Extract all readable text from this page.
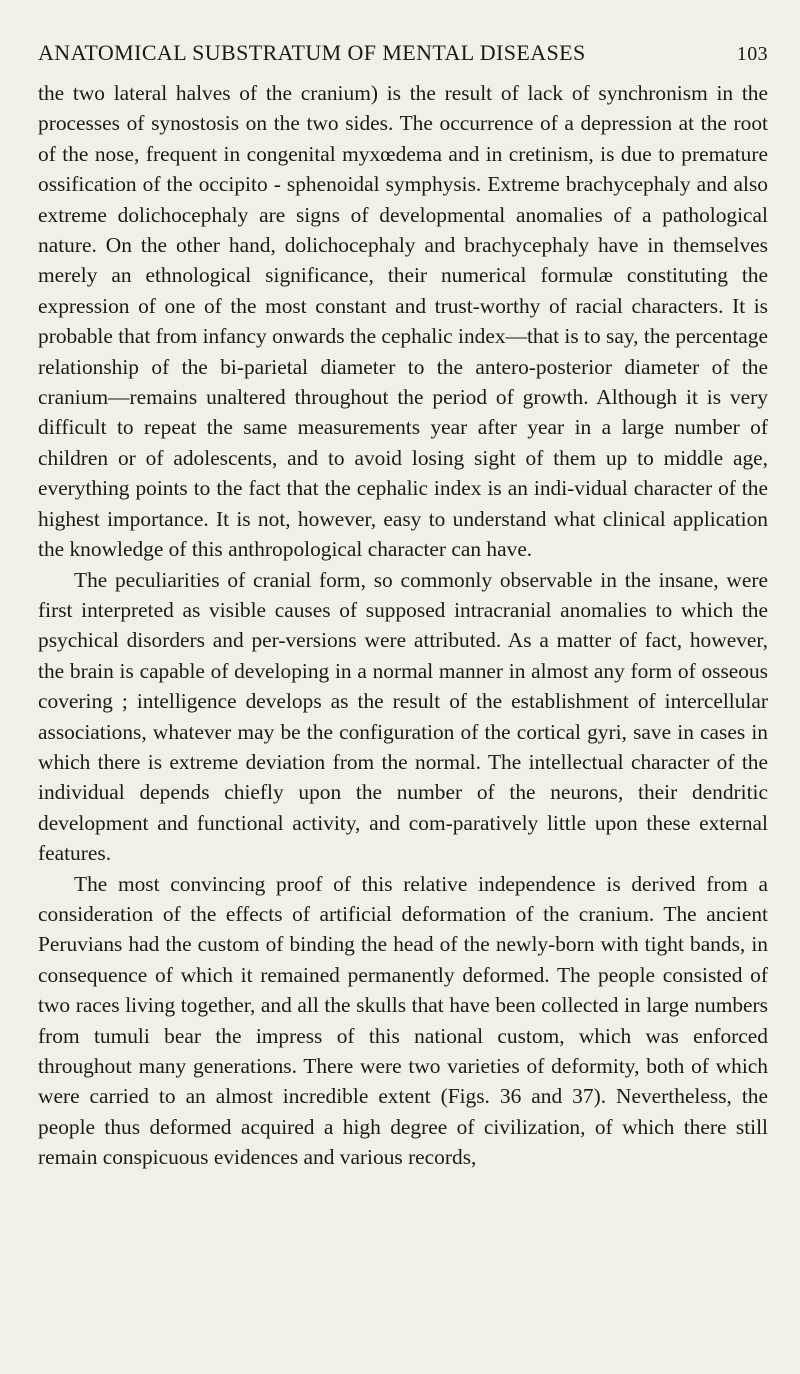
ANATOMICAL SUBSTRATUM OF MENTAL DISEASES	103

the two lateral halves of the cranium) is the result of lack of synchronism in the processes of synostosis on the two sides. The occurrence of a depression at the root of the nose, frequent in congenital myxœdema and in cretinism, is due to premature ossification of the occipito - sphenoidal symphysis. Extreme brachycephaly and also extreme dolichocephaly are signs of developmental anomalies of a pathological nature. On the other hand, dolichocephaly and brachycephaly have in themselves merely an ethnological significance, their numerical formulæ constituting the expression of one of the most constant and trust-worthy of racial characters. It is probable that from infancy onwards the cephalic index—that is to say, the percentage relationship of the bi-parietal diameter to the antero-posterior diameter of the cranium—remains unaltered throughout the period of growth. Although it is very difficult to repeat the same measurements year after year in a large number of children or of adolescents, and to avoid losing sight of them up to middle age, everything points to the fact that the cephalic index is an indi-vidual character of the highest importance. It is not, however, easy to understand what clinical application the knowledge of this anthropological character can have.

The peculiarities of cranial form, so commonly observable in the insane, were first interpreted as visible causes of supposed intracranial anomalies to which the psychical disorders and per-versions were attributed. As a matter of fact, however, the brain is capable of developing in a normal manner in almost any form of osseous covering ; intelligence develops as the result of the establishment of intercellular associations, whatever may be the configuration of the cortical gyri, save in cases in which there is extreme deviation from the normal. The intellectual character of the individual depends chiefly upon the number of the neurons, their dendritic development and functional activity, and com-paratively little upon these external features.

The most convincing proof of this relative independence is derived from a consideration of the effects of artificial deformation of the cranium. The ancient Peruvians had the custom of binding the head of the newly-born with tight bands, in consequence of which it remained permanently deformed. The people consisted of two races living together, and all the skulls that have been collected in large numbers from tumuli bear the impress of this national custom, which was enforced throughout many generations. There were two varieties of deformity, both of which were carried to an almost incredible extent (Figs. 36 and 37). Nevertheless, the people thus deformed acquired a high degree of civilization, of which there still remain conspicuous evidences and various records,
